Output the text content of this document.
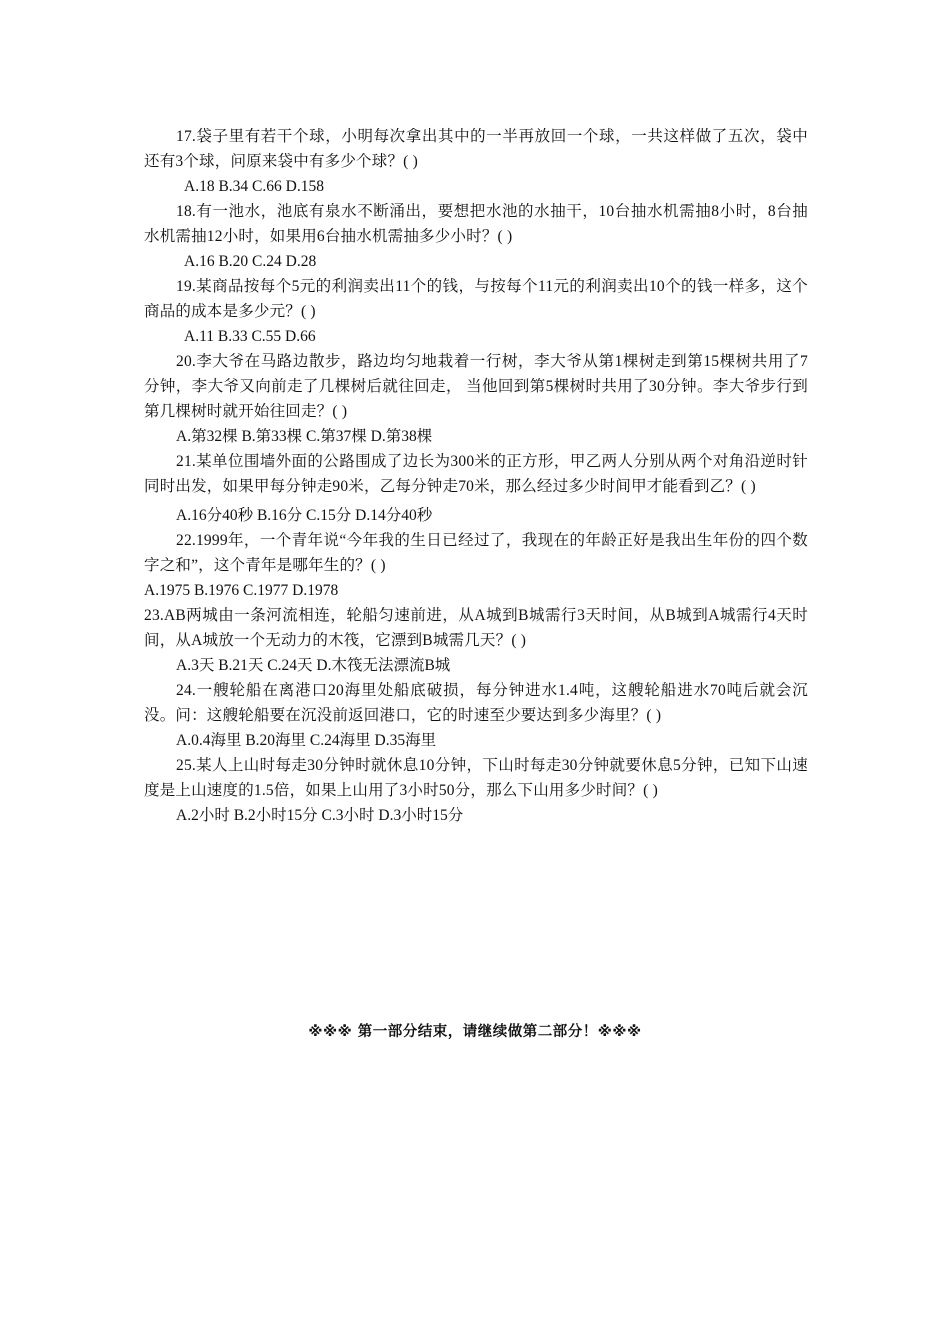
17.袋子里有若干个球，小明每次拿出其中的一半再放回一个球，一共这样做了五次，袋中还有3个球，问原来袋中有多少个球？( )
A.18 B.34 C.66 D.158
18.有一池水，池底有泉水不断涌出，要想把水池的水抽干，10台抽水机需抽8小时，8台抽水机需抽12小时，如果用6台抽水机需抽多少小时？( )
A.16 B.20 C.24 D.28
19.某商品按每个5元的利润卖出11个的钱，与按每个11元的利润卖出10个的钱一样多，这个商品的成本是多少元？( )
A.11 B.33 C.55 D.66
20.李大爷在马路边散步，路边均匀地栽着一行树，李大爷从第1棵树走到第15棵树共用了7分钟，李大爷又向前走了几棵树后就往回走， 当他回到第5棵树时共用了30分钟。李大爷步行到第几棵树时就开始往回走？( )
A.第32棵 B.第33棵 C.第37棵 D.第38棵
21.某单位围墙外面的公路围成了边长为300米的正方形，甲乙两人分别从两个对角沿逆时针同时出发，如果甲每分钟走90米，乙每分钟走70米，那么经过多少时间甲才能看到乙？( )
A.16分40秒 B.16分 C.15分 D.14分40秒
22.1999年，一个青年说“今年我的生日已经过了，我现在的年龄正好是我出生年份的四个数字之和”，这个青年是哪年生的？( )
A.1975 B.1976 C.1977 D.1978
23.AB两城由一条河流相连，轮船匀速前进，从A城到B城需行3天时间，从B城到A城需行4天时间，从A城放一个无动力的木筏，它漂到B城需几天？( )
A.3天 B.21天 C.24天 D.木筏无法漂流B城
24.一艘轮船在离港口20海里处船底破损，每分钟进水1.4吨，这艘轮船进水70吨后就会沉没。问：这艘轮船要在沉没前返回港口，它的时速至少要达到多少海里？( )
A.0.4海里 B.20海里 C.24海里 D.35海里
25.某人上山时每走30分钟时就休息10分钟，下山时每走30分钟就要休息5分钟，已知下山速度是上山速度的1.5倍，如果上山用了3小时50分，那么下山用多少时间？( )
A.2小时 B.2小时15分 C.3小时 D.3小时15分
※※※ 第一部分结束，请继续做第二部分！※※※
